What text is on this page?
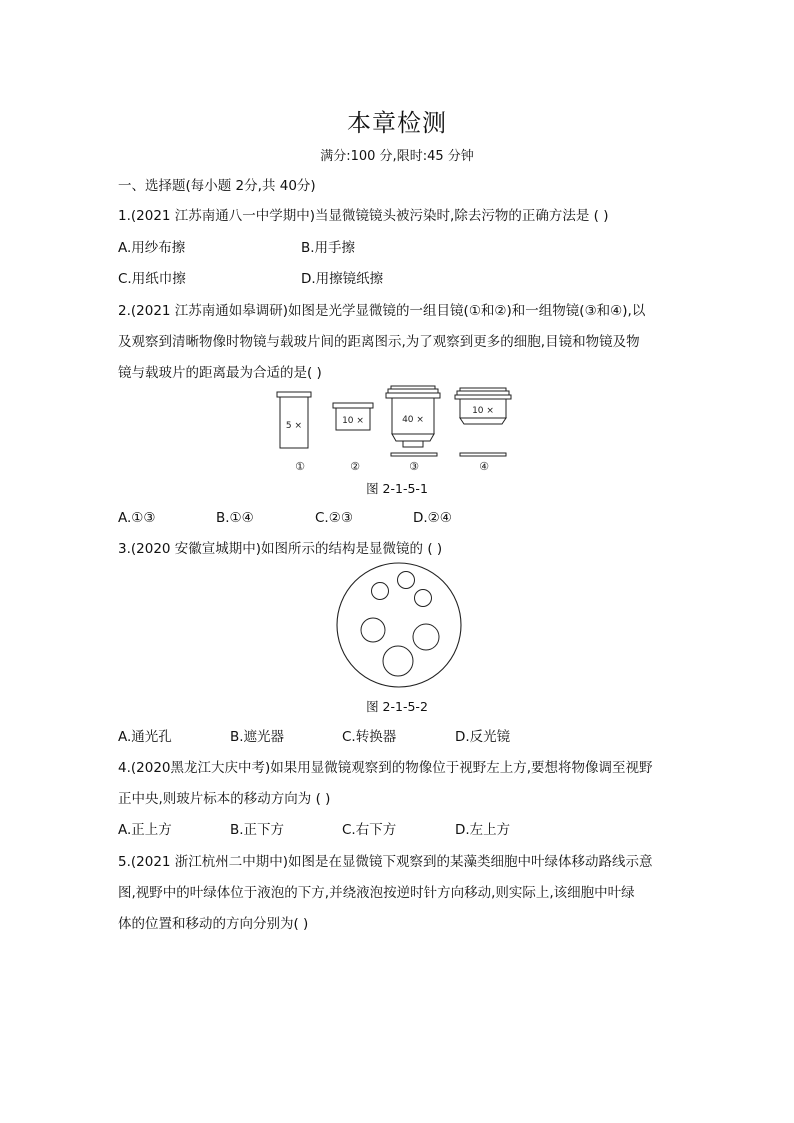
本章检测
满分:100 分,限时:45 分钟
一、选择题(每小题 2分,共 40分)
1.(2021 江苏南通八一中学期中)当显微镜镜头被污染时,除去污物的正确方法是 ( )
A.用纱布擦	B.用手擦
C.用纸巾擦	D.用擦镜纸擦
2.(2021 江苏南通如皋调研)如图是光学显微镜的一组目镜(①和②)和一组物镜(③和④),以
及观察到清晰物像时物镜与载玻片间的距离图示,为了观察到更多的细胞,目镜和物镜及物
镜与载玻片的距离最为合适的是( )
5 ×	10 ×	40 ×
10 ×
①	②	③	④
图 2-1-5-1
A.①③	B.①④	C.②③	D.②④
3.(2020 安徽宣城期中)如图所示的结构是显微镜的 ( )
图 2-1-5-2
A.通光孔	B.遮光器	C.转换器	D.反光镜
4.(2020黑龙江大庆中考)如果用显微镜观察到的物像位于视野左上方,要想将物像调至视野
正中央,则玻片标本的移动方向为 ( )
A.正上方	B.正下方	C.右下方	D.左上方
5.(2021 浙江杭州二中期中)如图是在显微镜下观察到的某藻类细胞中叶绿体移动路线示意
图,视野中的叶绿体位于液泡的下方,并绕液泡按逆时针方向移动,则实际上,该细胞中叶绿
体的位置和移动的方向分别为( )
